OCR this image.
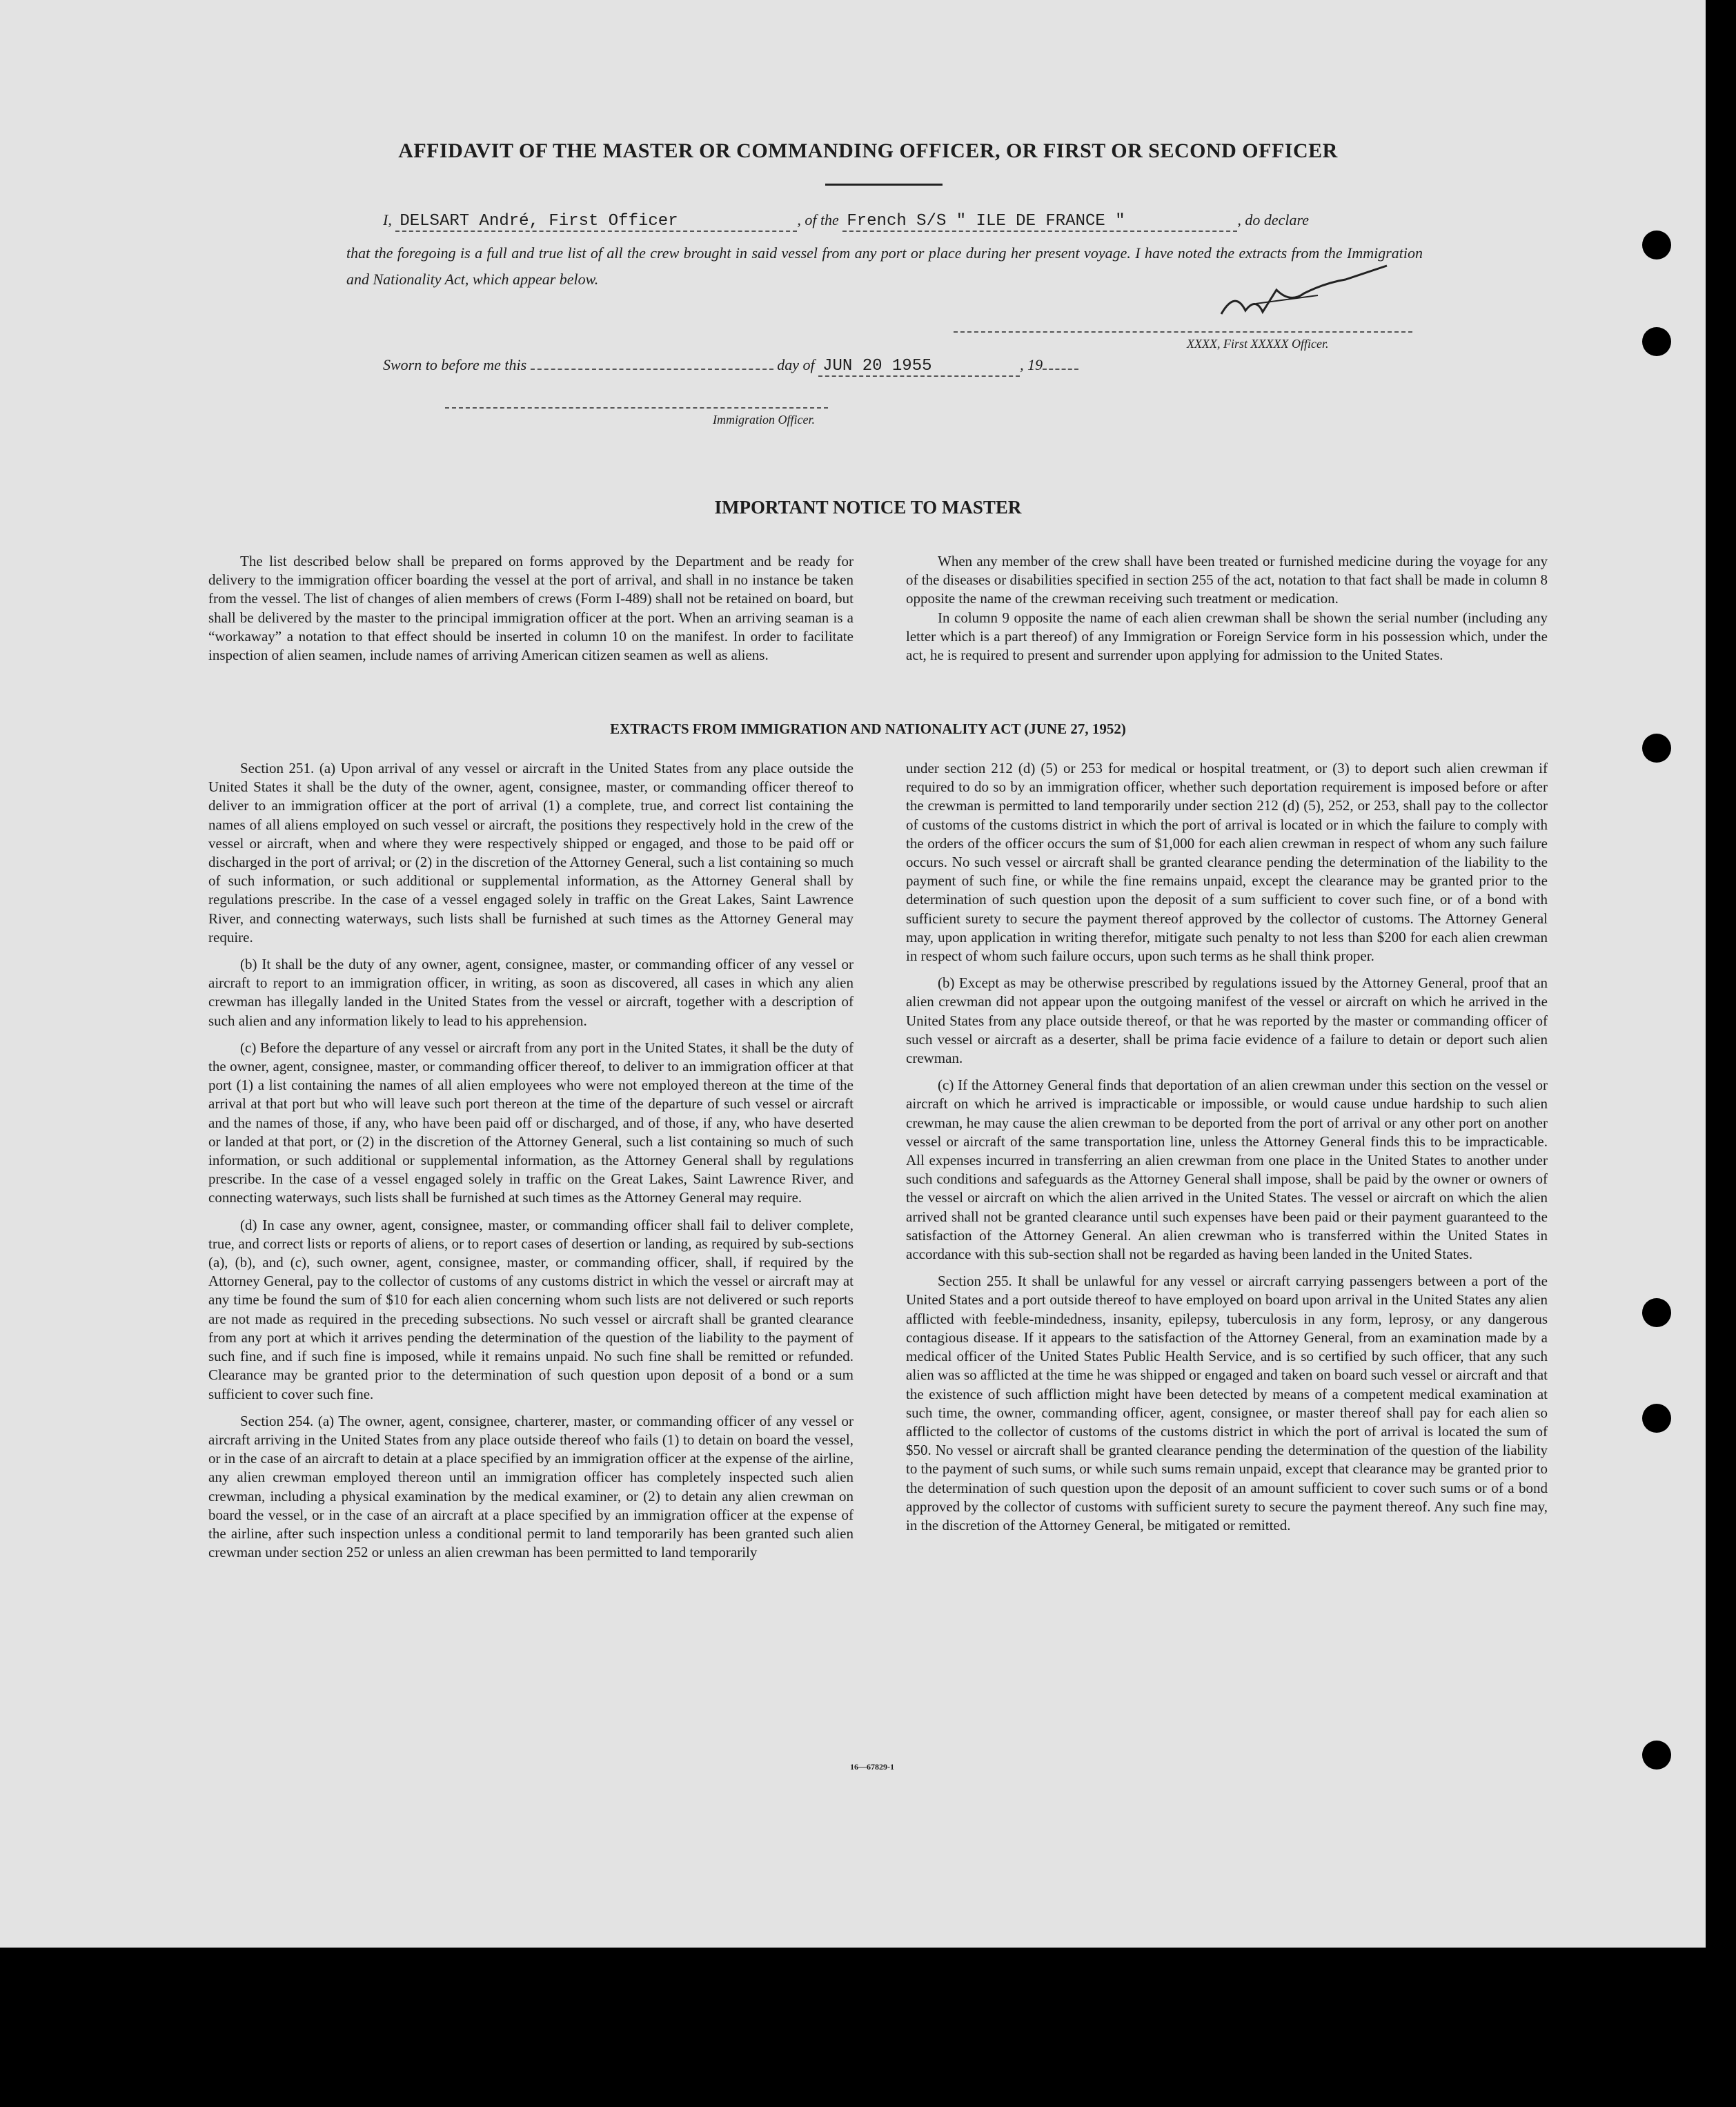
AFFIDAVIT OF THE MASTER OR COMMANDING OFFICER, OR FIRST OR SECOND OFFICER
I, DELSART André, First Officer	, of the French S/S " ILE DE FRANCE "	, do declare
that the foregoing is a full and true list of all the crew brought in said vessel from any port or place during her present voyage. I have noted the extracts from the Immigration and Nationality Act, which appear below.
XXXX, First XXXXX Officer.
Sworn to before me this	day of JUN 20 1955	, 19
Immigration Officer.
IMPORTANT NOTICE TO MASTER

The list described below shall be prepared on forms approved by the Department and be ready for delivery to the immigration officer boarding the vessel at the port of arrival, and shall in no instance be taken from the vessel. The list of changes of alien members of crews (Form I-489) shall not be retained on board, but shall be delivered by the master to the principal immigration officer at the port. When an arriving seaman is a “workaway” a notation to that effect should be inserted in column 10 on the manifest. In order to facilitate inspection of alien seamen, include names of arriving American citizen seamen as well as aliens.

When any member of the crew shall have been treated or furnished medicine during the voyage for any of the diseases or disabilities specified in section 255 of the act, notation to that fact shall be made in column 8 opposite the name of the crewman receiving such treatment or medication.

In column 9 opposite the name of each alien crewman shall be shown the serial number (including any letter which is a part thereof) of any Immigration or Foreign Service form in his possession which, under the act, he is required to present and surrender upon applying for admission to the United States.

EXTRACTS FROM IMMIGRATION AND NATIONALITY ACT (JUNE 27, 1952)

Section 251. (a) Upon arrival of any vessel or aircraft in the United States from any place outside the United States it shall be the duty of the owner, agent, consignee, master, or commanding officer thereof to deliver to an immigration officer at the port of arrival (1) a complete, true, and correct list containing the names of all aliens employed on such vessel or aircraft, the positions they respectively hold in the crew of the vessel or aircraft, when and where they were respectively shipped or engaged, and those to be paid off or discharged in the port of arrival; or (2) in the discretion of the Attorney General, such a list containing so much of such information, or such additional or supplemental information, as the Attorney General shall by regulations prescribe. In the case of a vessel engaged solely in traffic on the Great Lakes, Saint Lawrence River, and connecting waterways, such lists shall be furnished at such times as the Attorney General may require.

(b) It shall be the duty of any owner, agent, consignee, master, or commanding officer of any vessel or aircraft to report to an immigration officer, in writing, as soon as discovered, all cases in which any alien crewman has illegally landed in the United States from the vessel or aircraft, together with a description of such alien and any information likely to lead to his apprehension.

(c) Before the departure of any vessel or aircraft from any port in the United States, it shall be the duty of the owner, agent, consignee, master, or commanding officer thereof, to deliver to an immigration officer at that port (1) a list containing the names of all alien employees who were not employed thereon at the time of the arrival at that port but who will leave such port thereon at the time of the departure of such vessel or aircraft and the names of those, if any, who have been paid off or discharged, and of those, if any, who have deserted or landed at that port, or (2) in the discretion of the Attorney General, such a list containing so much of such information, or such additional or supplemental information, as the Attorney General shall by regulations prescribe. In the case of a vessel engaged solely in traffic on the Great Lakes, Saint Lawrence River, and connecting waterways, such lists shall be furnished at such times as the Attorney General may require.

(d) In case any owner, agent, consignee, master, or commanding officer shall fail to deliver complete, true, and correct lists or reports of aliens, or to report cases of desertion or landing, as required by sub-sections (a), (b), and (c), such owner, agent, consignee, master, or commanding officer, shall, if required by the Attorney General, pay to the collector of customs of any customs district in which the vessel or aircraft may at any time be found the sum of $10 for each alien concerning whom such lists are not delivered or such reports are not made as required in the preceding subsections. No such vessel or aircraft shall be granted clearance from any port at which it arrives pending the determination of the question of the liability to the payment of such fine, and if such fine is imposed, while it remains unpaid. No such fine shall be remitted or refunded. Clearance may be granted prior to the determination of such question upon deposit of a bond or a sum sufficient to cover such fine.

Section 254. (a) The owner, agent, consignee, charterer, master, or commanding officer of any vessel or aircraft arriving in the United States from any place outside thereof who fails (1) to detain on board the vessel, or in the case of an aircraft to detain at a place specified by an immigration officer at the expense of the airline, any alien crewman employed thereon until an immigration officer has completely inspected such alien crewman, including a physical examination by the medical examiner, or (2) to detain any alien crewman on board the vessel, or in the case of an aircraft at a place specified by an immigration officer at the expense of the airline, after such inspection unless a conditional permit to land temporarily has been granted such alien crewman under section 252 or unless an alien crewman has been permitted to land temporarily

under section 212 (d) (5) or 253 for medical or hospital treatment, or (3) to deport such alien crewman if required to do so by an immigration officer, whether such deportation requirement is imposed before or after the crewman is permitted to land temporarily under section 212 (d) (5), 252, or 253, shall pay to the collector of customs of the customs district in which the port of arrival is located or in which the failure to comply with the orders of the officer occurs the sum of $1,000 for each alien crewman in respect of whom any such failure occurs. No such vessel or aircraft shall be granted clearance pending the determination of the liability to the payment of such fine, or while the fine remains unpaid, except the clearance may be granted prior to the determination of such question upon the deposit of a sum sufficient to cover such fine, or of a bond with sufficient surety to secure the payment thereof approved by the collector of customs. The Attorney General may, upon application in writing therefor, mitigate such penalty to not less than $200 for each alien crewman in respect of whom such failure occurs, upon such terms as he shall think proper.

(b) Except as may be otherwise prescribed by regulations issued by the Attorney General, proof that an alien crewman did not appear upon the outgoing manifest of the vessel or aircraft on which he arrived in the United States from any place outside thereof, or that he was reported by the master or commanding officer of such vessel or aircraft as a deserter, shall be prima facie evidence of a failure to detain or deport such alien crewman.

(c) If the Attorney General finds that deportation of an alien crewman under this section on the vessel or aircraft on which he arrived is impracticable or impossible, or would cause undue hardship to such alien crewman, he may cause the alien crewman to be deported from the port of arrival or any other port on another vessel or aircraft of the same transportation line, unless the Attorney General finds this to be impracticable. All expenses incurred in transferring an alien crewman from one place in the United States to another under such conditions and safeguards as the Attorney General shall impose, shall be paid by the owner or owners of the vessel or aircraft on which the alien arrived in the United States. The vessel or aircraft on which the alien arrived shall not be granted clearance until such expenses have been paid or their payment guaranteed to the satisfaction of the Attorney General. An alien crewman who is transferred within the United States in accordance with this sub-section shall not be regarded as having been landed in the United States.

Section 255. It shall be unlawful for any vessel or aircraft carrying passengers between a port of the United States and a port outside thereof to have employed on board upon arrival in the United States any alien afflicted with feeble-mindedness, insanity, epilepsy, tuberculosis in any form, leprosy, or any dangerous contagious disease. If it appears to the satisfaction of the Attorney General, from an examination made by a medical officer of the United States Public Health Service, and is so certified by such officer, that any such alien was so afflicted at the time he was shipped or engaged and taken on board such vessel or aircraft and that the existence of such affliction might have been detected by means of a competent medical examination at such time, the owner, commanding officer, agent, consignee, or master thereof shall pay for each alien so afflicted to the collector of customs of the customs district in which the port of arrival is located the sum of $50. No vessel or aircraft shall be granted clearance pending the determination of the question of the liability to the payment of such sums, or while such sums remain unpaid, except that clearance may be granted prior to the determination of such question upon the deposit of an amount sufficient to cover such sums or of a bond approved by the collector of customs with sufficient surety to secure the payment thereof. Any such fine may, in the discretion of the Attorney General, be mitigated or remitted.

16—67829-1
